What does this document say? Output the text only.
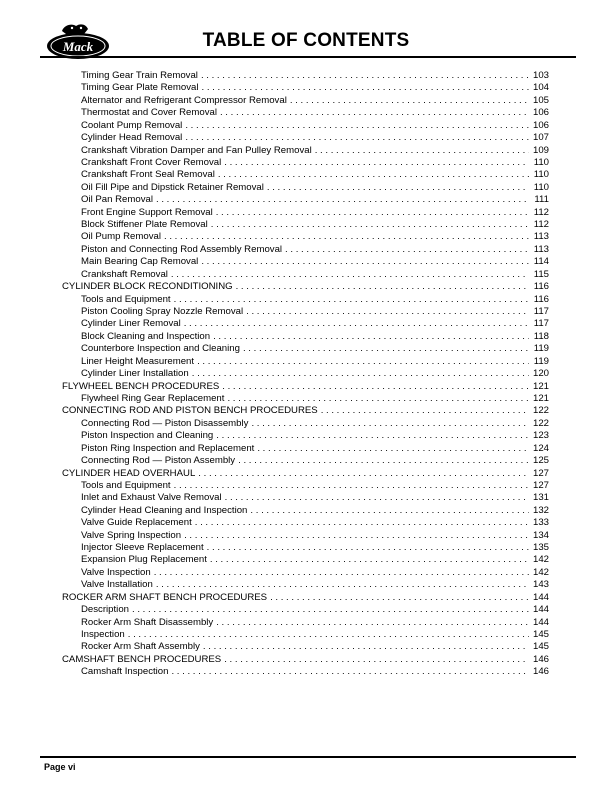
Mack	TABLE OF CONTENTS
Timing Gear Train Removal . . .	103
Timing Gear Plate Removal . . .	104
Alternator and Refrigerant Compressor Removal . . .	105
Thermostat and Cover Removal . . .	106
Coolant Pump Removal . . .	106
Cylinder Head Removal . . .	107
Crankshaft Vibration Damper and Fan Pulley Removal . . .	109
Crankshaft Front Cover Removal . . .	110
Crankshaft Front Seal Removal . . .	110
Oil Fill Pipe and Dipstick Retainer Removal . . .	110
Oil Pan Removal . . .	111
Front Engine Support Removal . . .	112
Block Stiffener Plate Removal . . .	112
Oil Pump Removal . . .	113
Piston and Connecting Rod Assembly Removal . . .	113
Main Bearing Cap Removal . . .	114
Crankshaft Removal . . .	115
CYLINDER BLOCK RECONDITIONING . . .	116
Tools and Equipment . . .	116
Piston Cooling Spray Nozzle Removal . . .	117
Cylinder Liner Removal . . .	117
Block Cleaning and Inspection . . .	118
Counterbore Inspection and Cleaning . . .	119
Liner Height Measurement . . .	119
Cylinder Liner Installation . . .	120
FLYWHEEL BENCH PROCEDURES . . .	121
Flywheel Ring Gear Replacement . . .	121
CONNECTING ROD AND PISTON BENCH PROCEDURES . . .	122
Connecting Rod — Piston Disassembly . . .	122
Piston Inspection and Cleaning . . .	123
Piston Ring Inspection and Replacement . . .	124
Connecting Rod — Piston Assembly . . .	125
CYLINDER HEAD OVERHAUL . . .	127
Tools and Equipment . . .	127
Inlet and Exhaust Valve Removal . . .	131
Cylinder Head Cleaning and Inspection . . .	132
Valve Guide Replacement . . .	133
Valve Spring Inspection . . .	134
Injector Sleeve Replacement . . .	135
Expansion Plug Replacement . . .	142
Valve Inspection . . .	142
Valve Installation . . .	143
ROCKER ARM SHAFT BENCH PROCEDURES . . .	144
Description . . .	144
Rocker Arm Shaft Disassembly . . .	144
Inspection . . .	145
Rocker Arm Shaft Assembly . . .	145
CAMSHAFT BENCH PROCEDURES . . .	146
Camshaft Inspection . . .	146
Page vi
